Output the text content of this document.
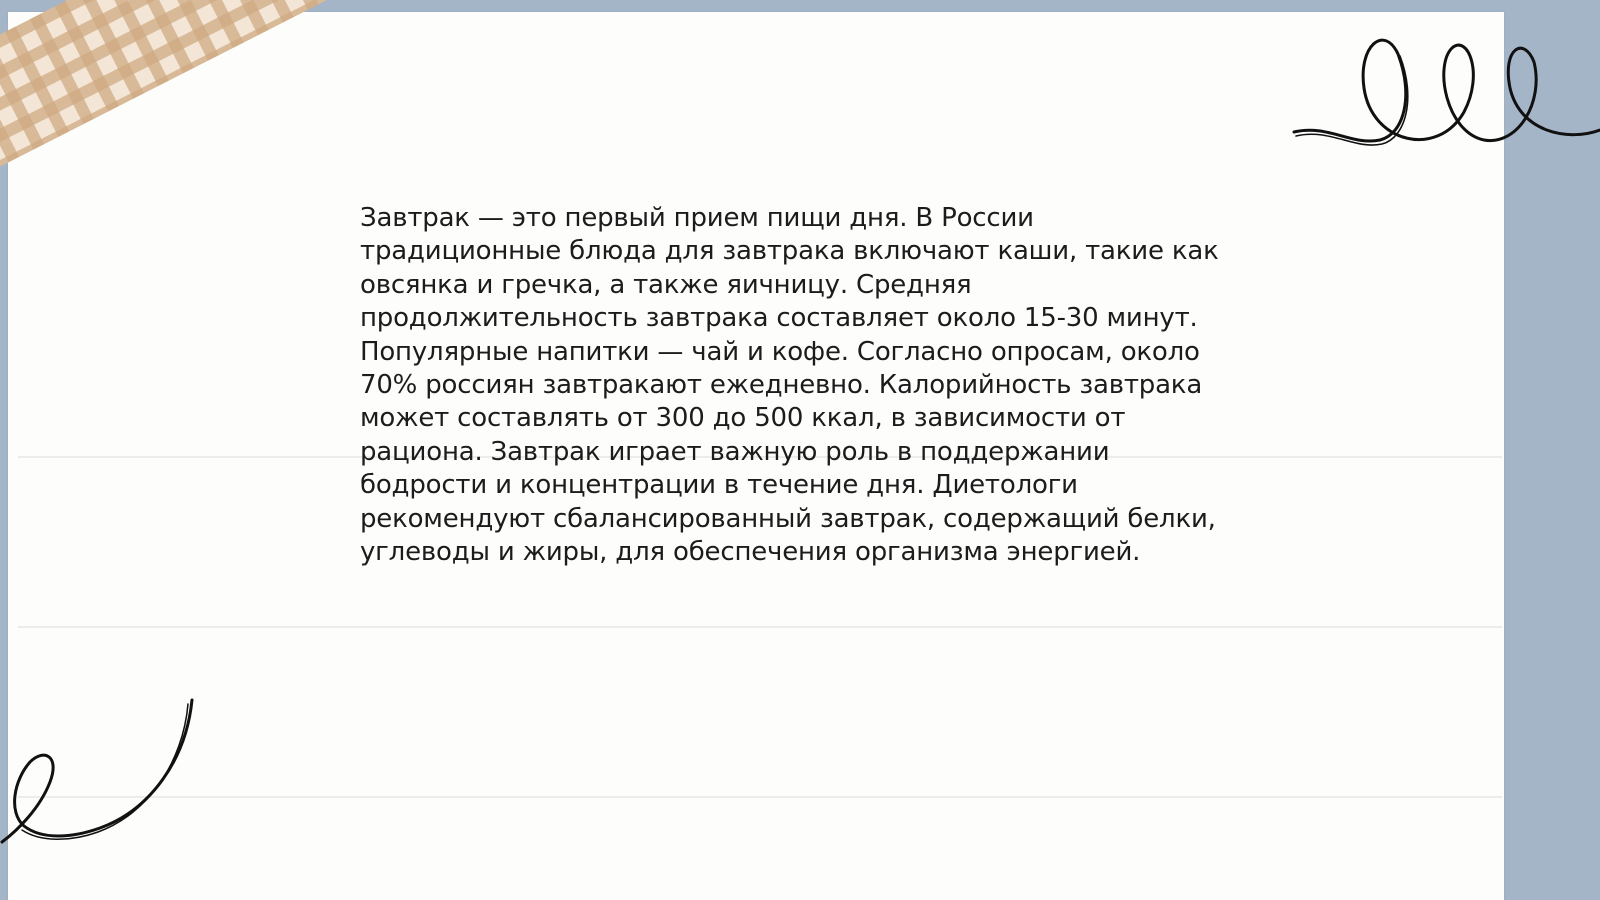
Завтрак — это первый прием пищи дня. В России
традиционные блюда для завтрака включают каши, такие как
овсянка и гречка, а также яичницу. Средняя
продолжительность завтрака составляет около 15-30 минут.
Популярные напитки — чай и кофе. Согласно опросам, около
70% россиян завтракают ежедневно. Калорийность завтрака
может составлять от 300 до 500 ккал, в зависимости от
рациона. Завтрак играет важную роль в поддержании
бодрости и концентрации в течение дня. Диетологи
рекомендуют сбалансированный завтрак, содержащий белки,
углеводы и жиры, для обеспечения организма энергией.
